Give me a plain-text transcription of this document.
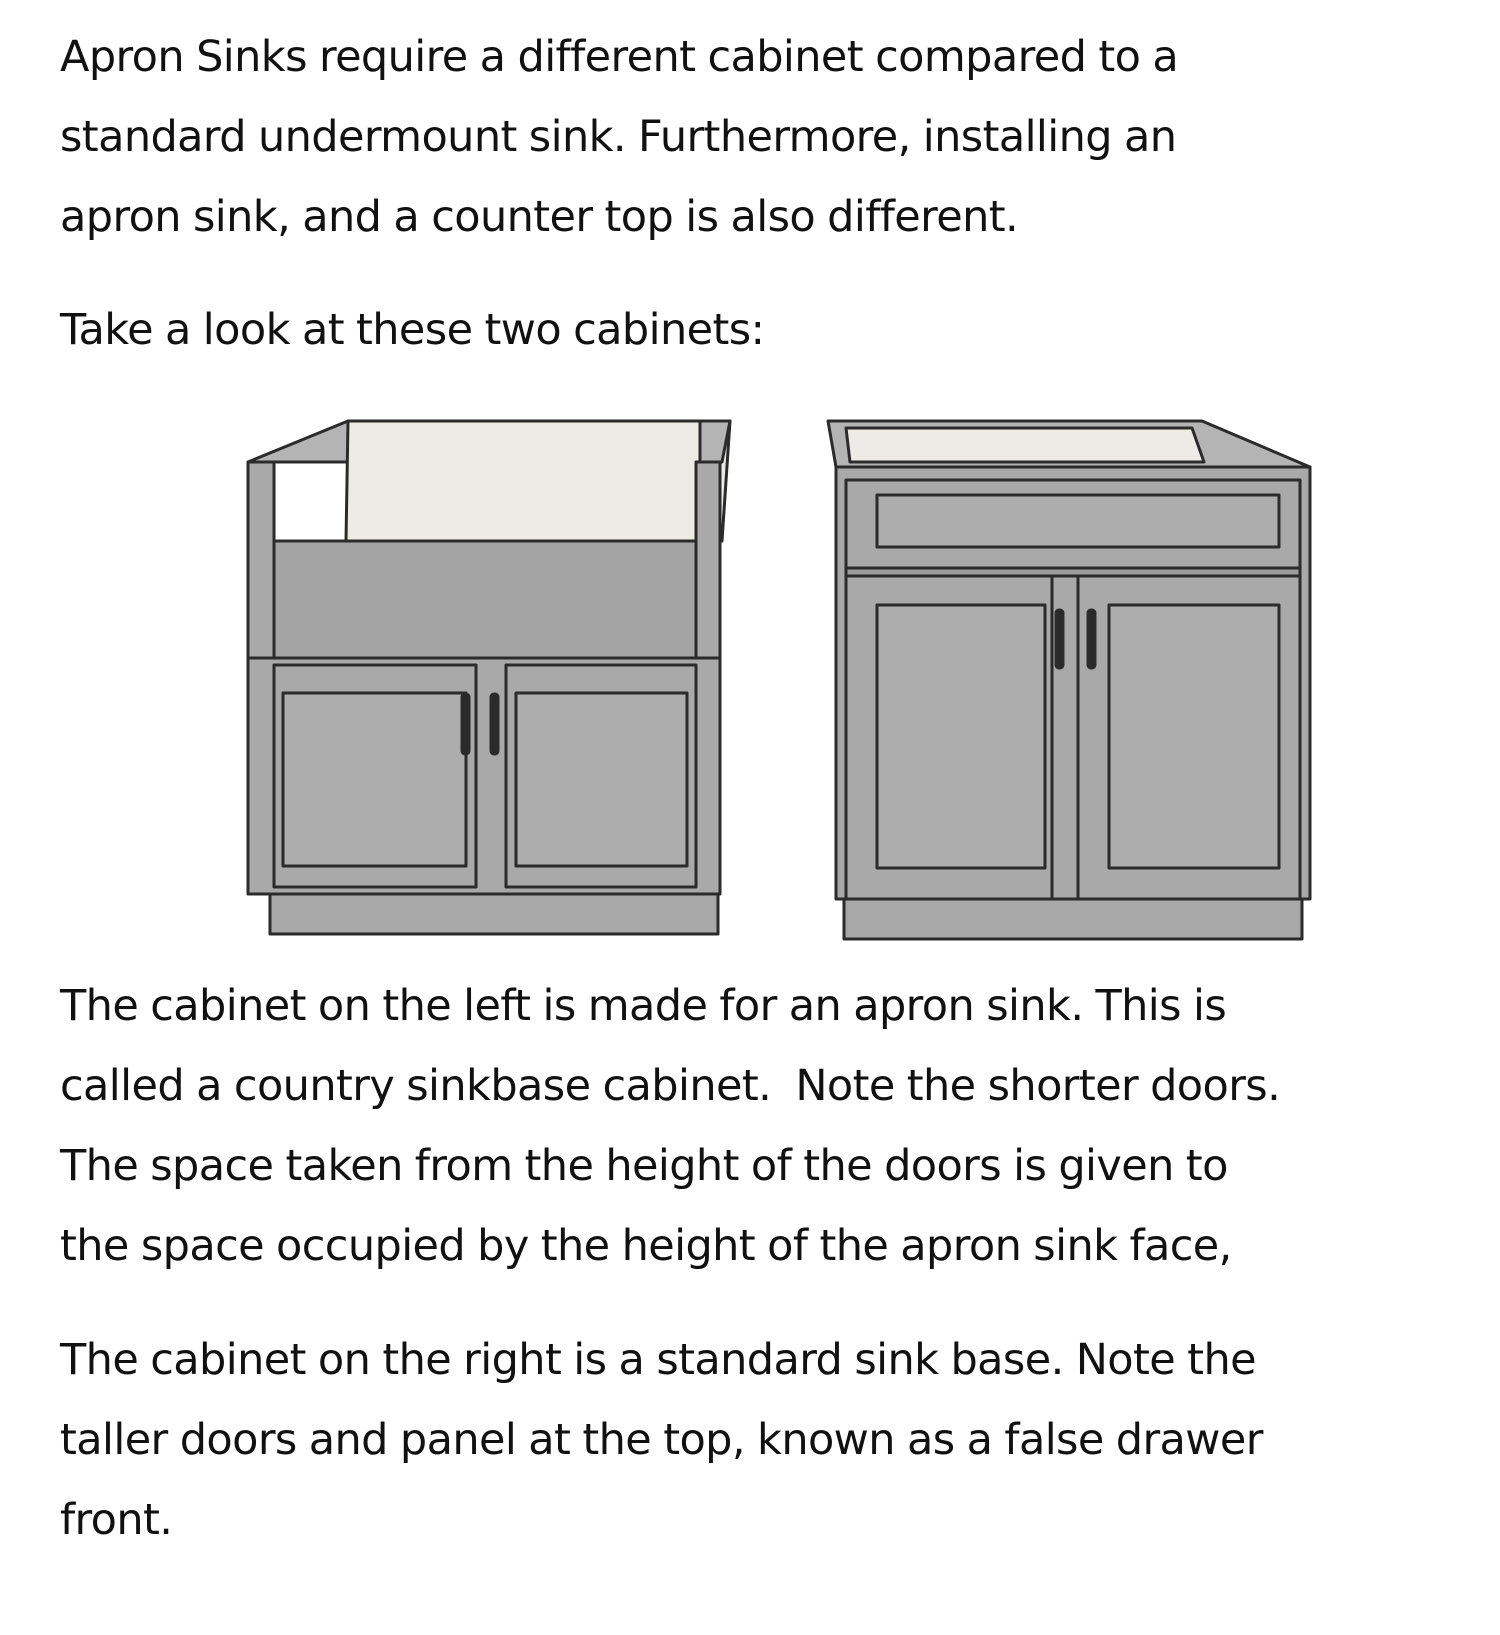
Apron Sinks require a different cabinet compared to a
standard undermount sink. Furthermore, installing an
apron sink, and a counter top is also different.

Take a look at these two cabinets:

The cabinet on the left is made for an apron sink. This is
called a country sinkbase cabinet.  Note the shorter doors.
The space taken from the height of the doors is given to
the space occupied by the height of the apron sink face,

The cabinet on the right is a standard sink base. Note the
taller doors and panel at the top, known as a false drawer
front.
